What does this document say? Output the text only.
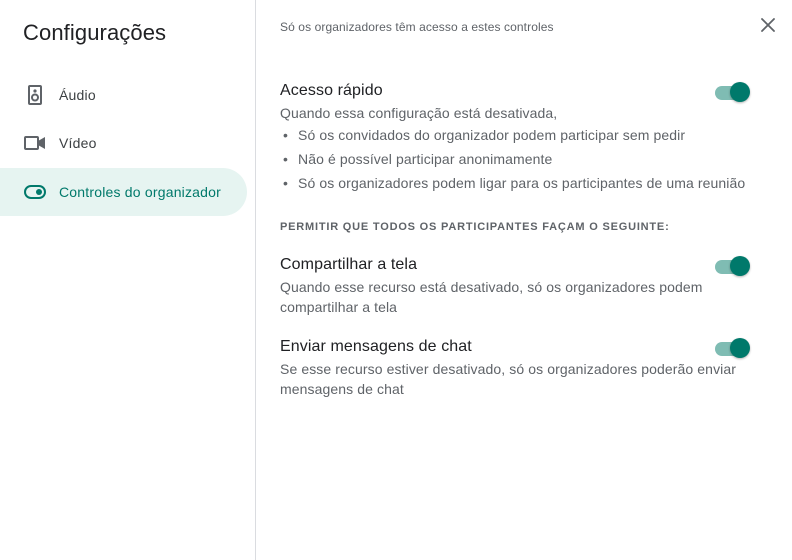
Configurações
Áudio
Vídeo
Controles do organizador
Só os organizadores têm acesso a estes controles
Acesso rápido
Quando essa configuração está desativada,
• Só os convidados do organizador podem participar sem pedir
• Não é possível participar anonimamente
• Só os organizadores podem ligar para os participantes de uma reunião
PERMITIR QUE TODOS OS PARTICIPANTES FAÇAM O SEGUINTE:
Compartilhar a tela
Quando esse recurso está desativado, só os organizadores podem compartilhar a tela
Enviar mensagens de chat
Se esse recurso estiver desativado, só os organizadores poderão enviar mensagens de chat
